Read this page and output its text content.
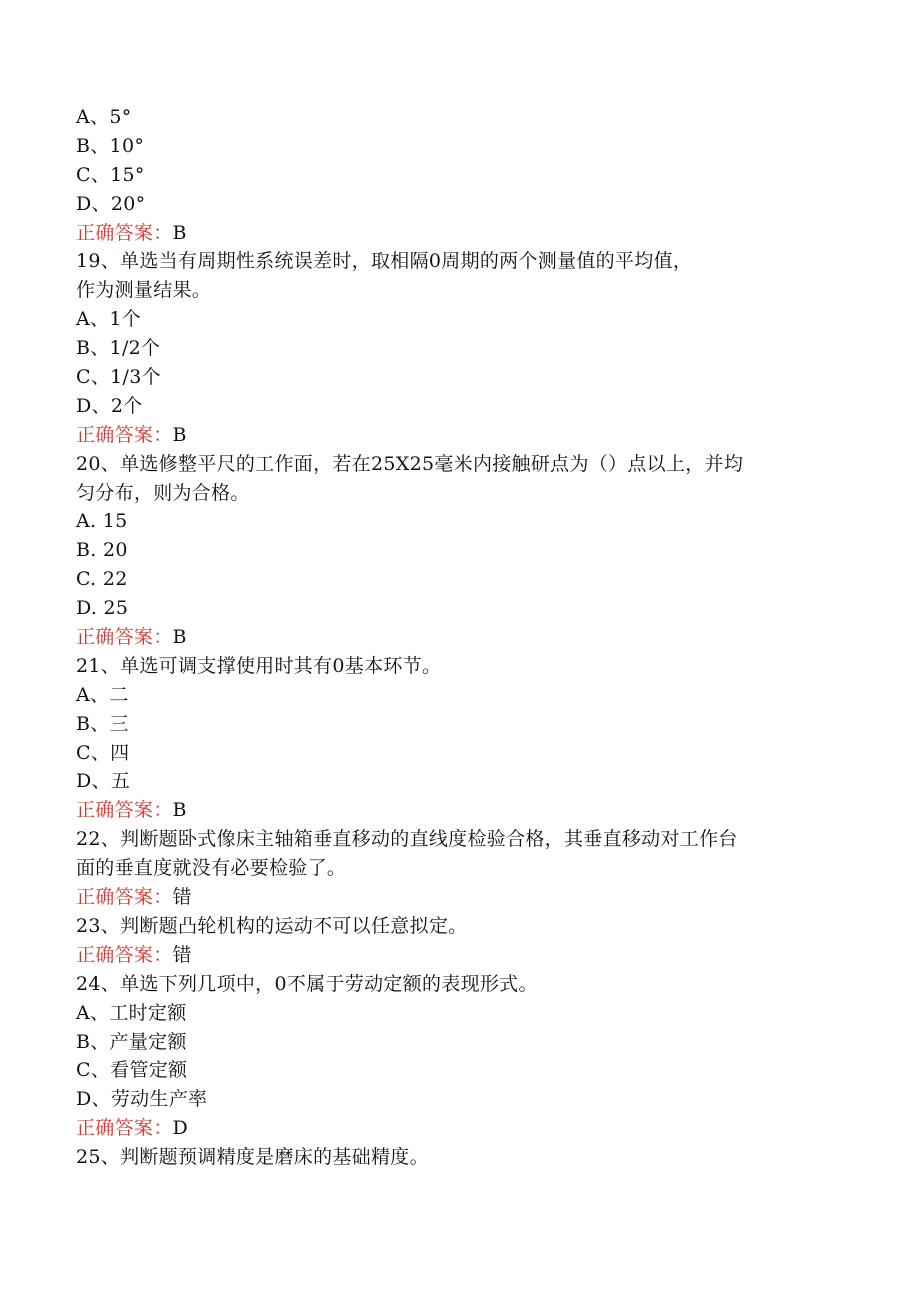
A、5°
B、10°
C、15°
D、20°
正确答案：B
19、单选当有周期性系统误差时，取相隔0周期的两个测量值的平均值，
作为测量结果。
A、1个
B、1/2个
C、1/3个
D、2个
正确答案：B
20、单选修整平尺的工作面，若在25X25毫米内接触研点为（）点以上，并均
匀分布，则为合格。
A. 15
B. 20
C. 22
D. 25
正确答案：B
21、单选可调支撑使用时其有0基本环节。
A、二
B、三
C、四
D、五
正确答案：B
22、判断题卧式像床主轴箱垂直移动的直线度检验合格，其垂直移动对工作台
面的垂直度就没有必要检验了。
正确答案：错
23、判断题凸轮机构的运动不可以任意拟定。
正确答案：错
24、单选下列几项中，0不属于劳动定额的表现形式。
A、工时定额
B、产量定额
C、看管定额
D、劳动生产率
正确答案：D
25、判断题预调精度是磨床的基础精度。
